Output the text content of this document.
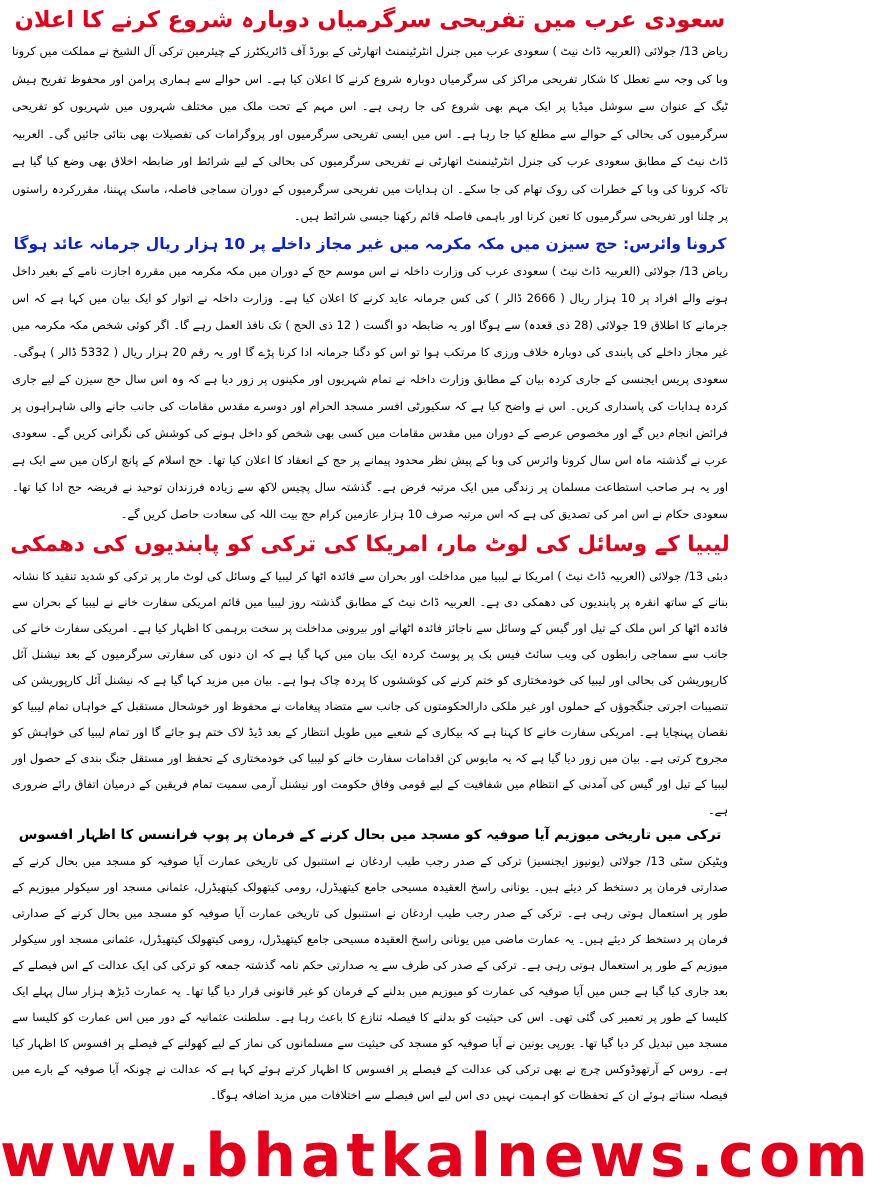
سعودی عرب میں تفریحی سرگرمیاں دوبارہ شروع کرنے کا اعلان

ریاض 13/ جولائی (العربیہ ڈاٹ نیٹ ) سعودی عرب میں جنرل انٹرٹینمنٹ اتھارٹی کے بورڈ آف ڈائریکٹرز کے چیئرمین ترکی آل الشیخ نے مملکت میں کرونا وبا کی وجہ سے تعطل کا شکار تفریحی مراکز کی سرگرمیاں دوبارہ شروع کرنے کا اعلان کیا ہے۔ اس حوالے سے ہماری پرامن اور محفوظ تفریح ہیش ٹیگ کے عنوان سے سوشل میڈیا پر ایک مہم بھی شروع کی جا رہی ہے۔ اس مہم کے تحت ملک میں مختلف شہروں میں شہریوں کو تفریحی سرگرمیوں کی بحالی کے حوالے سے مطلع کیا جا رہا ہے۔ اس میں ایسی تفریحی سرگرمیوں اور پروگرامات کی تفصیلات بھی بتائی جائیں گی۔ العربیہ ڈاٹ نیٹ کے مطابق سعودی عرب کی جنرل انٹرٹینمنٹ اتھارٹی نے تفریحی سرگرمیوں کی بحالی کے لیے شرائط اور ضابطہ اخلاق بھی وضع کیا گیا ہے تاکہ کرونا کی وبا کے خطرات کی روک تھام کی جا سکے۔ ان ہدایات میں تفریحی سرگرمیوں کے دوران سماجی فاصلہ، ماسک پہننا، مقررکردہ راستوں پر چلنا اور تفریحی سرگرمیوں کا تعین کرنا اور باہمی فاصلہ قائم رکھنا جیسی شرائط ہیں۔

کرونا وائرس: حج سیزن میں مکہ مکرمہ میں غیر مجاز داخلے پر 10 ہزار ریال جرمانہ عائد ہوگا

ریاض 13/ جولائی (العربیہ ڈاٹ نیٹ ) سعودی عرب کی وزارت داخلہ نے اس موسم حج کے دوران میں مکہ مکرمہ میں مقررہ اجازت نامے کے بغیر داخل ہونے والے افراد پر 10 ہزار ریال ( 2666 ڈالر ) کی کس جرمانہ عاید کرنے کا اعلان کیا ہے۔ وزارت داخلہ نے اتوار کو ایک بیان میں کہا ہے کہ اس جرمانے کا اطلاق 19 جولائی (28 ذی قعدہ) سے ہوگا اور یہ ضابطہ دو اگست ( 12 ذی الحج ) تک نافذ العمل رہے گا۔ اگر کوئی شخص مکہ مکرمہ میں غیر مجاز داخلے کی پابندی کی دوبارہ خلاف ورزی کا مرتکب ہوا تو اس کو دگنا جرمانہ ادا کرنا پڑے گا اور یہ رقم 20 ہزار ریال ( 5332 ڈالر ) ہوگی۔ سعودی پریس ایجنسی کے جاری کردہ بیان کے مطابق وزارت داخلہ نے تمام شہریوں اور مکینوں پر زور دیا ہے کہ وہ اس سال حج سیزن کے لیے جاری کردہ ہدایات کی پاسداری کریں۔ اس نے واضح کیا ہے کہ سکیورٹی افسر مسجد الحرام اور دوسرے مقدس مقامات کی جانب جانے والی شاہراہوں پر فرائض انجام دیں گے اور مخصوص عرصے کے دوران میں مقدس مقامات میں کسی بھی شخص کو داخل ہونے کی کوشش کی نگرانی کریں گے۔ سعودی عرب نے گذشتہ ماہ اس سال کرونا وائرس کی وبا کے پیش نظر محدود پیمانے پر حج کے انعقاد کا اعلان کیا تھا۔ حج اسلام کے پانچ ارکان میں سے ایک ہے اور یہ ہر صاحب استطاعت مسلمان پر زندگی میں ایک مرتبہ فرض ہے۔ گذشتہ سال پچیس لاکھ سے زیادہ فرزندان توحید نے فریضہ حج ادا کیا تھا۔ سعودی حکام نے اس امر کی تصدیق کی ہے کہ اس مرتبہ صرف 10 ہزار عازمین کرام حج بیت اللہ کی سعادت حاصل کریں گے۔

لیبیا کے وسائل کی لوٹ مار، امریکا کی ترکی کو پابندیوں کی دھمکی

دبئی 13/ جولائی (العربیہ ڈاٹ نیٹ ) امریکا نے لیبیا میں مداخلت اور بحران سے فائدہ اٹھا کر لیبیا کے وسائل کی لوٹ مار پر ترکی کو شدید تنقید کا نشانہ بنانے کے ساتھ انقرہ پر پابندیوں کی دھمکی دی ہے۔ العربیہ ڈاٹ نیٹ کے مطابق گذشتہ روز لیبیا میں قائم امریکی سفارت خانے نے لیبیا کے بحران سے فائدہ اٹھا کر اس ملک کے تیل اور گیس کے وسائل سے ناجائز فائدہ اٹھانے اور بیرونی مداخلت پر سخت برہمی کا اظہار کیا ہے۔ امریکی سفارت خانے کی جانب سے سماجی رابطوں کی ویب سائٹ فیس بک پر پوسٹ کردہ ایک بیان میں کہا گیا ہے کہ ان دنوں کی سفارتی سرگرمیوں کے بعد نیشنل آئل کارپوریشن کی بحالی اور لیبیا کی خودمختاری کو ختم کرنے کی کوششوں کا پردہ چاک ہوا ہے۔ بیان میں مزید کہا گیا ہے کہ نیشنل آئل کارپوریشن کی تنصیبات اجرتی جنگجوؤں کے حملوں اور غیر ملکی دارالحکومتوں کی جانب سے متضاد پیغامات نے محفوظ اور خوشحال مستقبل کے خواہاں تمام لیبیا کو نقصان پہنچایا ہے۔ امریکی سفارت خانے کا کہنا ہے کہ بیکاری کے شعبے میں طویل انتظار کے بعد ڈیڈ لاک ختم ہو جائے گا اور تمام لیبیا کی خواہش کو مجروح کرتی ہے۔ بیان میں زور دیا گیا ہے کہ یہ مایوس کن اقدامات سفارت خانے کو لیبیا کی خودمختاری کے تحفظ اور مستقل جنگ بندی کے حصول اور لیبیا کے تیل اور گیس کی آمدنی کے انتظام میں شفافیت کے لیے قومی وفاق حکومت اور نیشنل آرمی سمیت تمام فریقین کے درمیان اتفاق رائے ضروری ہے۔

ترکی میں تاریخی میوزیم آیا صوفیہ کو مسجد میں بحال کرنے کے فرمان پر پوپ فرانسس کا اظہار افسوس

ویٹیکن سٹی 13/ جولائی (یونیوز ایجنسیز) ترکی کے صدر رجب طیب اردغان نے استنبول کی تاریخی عمارت آیا صوفیہ کو مسجد میں بحال کرنے کے صدارتی فرمان پر دستخط کر دیئے ہیں۔ یونانی راسخ العقیدہ مسیحی جامع کیتھیڈرل، رومی کیتھولک کیتھیڈرل، عثمانی مسجد اور سیکولر میوزیم کے طور پر استعمال ہوتی رہی ہے۔ ترکی کے صدر رجب طیب اردغان نے استنبول کی تاریخی عمارت آیا صوفیہ کو مسجد میں بحال کرنے کے صدارتی فرمان پر دستخط کر دیئے ہیں۔ یہ عمارت ماضی میں یونانی راسخ العقیدہ مسیحی جامع کیتھیڈرل، رومی کیتھولک کیتھیڈرل، عثمانی مسجد اور سیکولر میوزیم کے طور پر استعمال ہوتی رہی ہے۔ ترکی کے صدر کی طرف سے یہ صدارتی حکم نامہ گذشتہ جمعہ کو ترکی کی ایک عدالت کے اس فیصلے کے بعد جاری کیا گیا ہے جس میں آیا صوفیہ کی عمارت کو میوزیم میں بدلنے کے فرمان کو غیر قانونی قرار دیا گیا تھا۔ یہ عمارت ڈیڑھ ہزار سال پہلے ایک کلیسا کے طور پر تعمیر کی گئی تھی۔ اس کی حیثیت کو بدلنے کا فیصلہ تنازع کا باعث رہا ہے۔ سلطنت عثمانیہ کے دور میں اس عمارت کو کلیسا سے مسجد میں تبدیل کر دیا گیا تھا۔ یورپی یونین نے آیا صوفیہ کو مسجد کی حیثیت سے مسلمانوں کی نماز کے لیے کھولنے کے فیصلے پر افسوس کا اظہار کیا ہے۔ روس کے آرتھوڈوکس چرچ نے بھی ترکی کی عدالت کے فیصلے پر افسوس کا اظہار کرتے ہوئے کہا ہے کہ عدالت نے چونکہ آیا صوفیہ کے بارے میں فیصلہ سناتے ہوئے ان کے تحفظات کو اہمیت نہیں دی اس لیے اس فیصلے سے اختلافات میں مزید اضافہ ہوگا۔

www.bhatkalnews.com
